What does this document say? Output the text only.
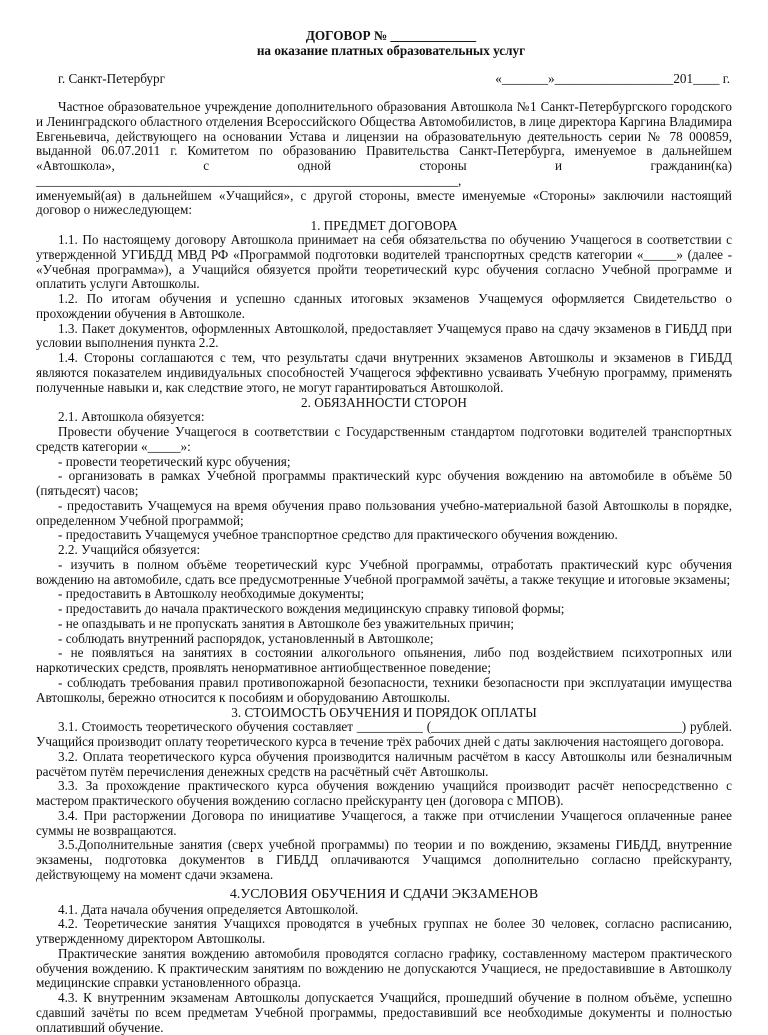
ДОГОВОР № _____________
на оказание платных образовательных услуг
г. Санкт-Петербург	«_______»__________________201____ г.

Частное образовательное учреждение дополнительного образования Автошкола №1 Санкт-Петербургского городского и Ленинградского областного отделения Всероссийского Общества Автомобилистов, в лице директора Каргина Владимира Евгеньевича, действующего на основании Устава и лицензии на образовательную деятельность серии № 78 000859, выданной 06.07.2011 г. Комитетом по образованию Правительства Санкт-Петербурга, именуемое в дальнейшем «Автошкола», с одной стороны и гражданин(ка) ________________________________________________________________,

именуемый(ая) в дальнейшем «Учащийся», с другой стороны, вместе именуемые «Стороны» заключили настоящий договор о нижеследующем:

1. ПРЕДМЕТ ДОГОВОРА

1.1. По настоящему договору Автошкола принимает на себя обязательства по обучению Учащегося в соответствии с утвержденной УГИБДД МВД РФ «Программой подготовки водителей транспортных средств категории «_____» (далее - «Учебная программа»), а Учащийся обязуется пройти теоретический курс обучения согласно Учебной программе и оплатить услуги Автошколы.

1.2. По итогам обучения и успешно сданных итоговых экзаменов Учащемуся оформляется Свидетельство о прохождении обучения в Автошколе.

1.3. Пакет документов, оформленных Автошколой, предоставляет Учащемуся право на сдачу экзаменов в ГИБДД при условии выполнения пункта 2.2.

1.4. Стороны соглашаются с тем, что результаты сдачи внутренних экзаменов Автошколы и экзаменов в ГИБДД являются показателем индивидуальных способностей Учащегося эффективно усваивать Учебную программу, применять полученные навыки и, как следствие этого, не могут гарантироваться Автошколой.

2. ОБЯЗАННОСТИ СТОРОН

2.1. Автошкола обязуется:

Провести обучение Учащегося в соответствии с Государственным стандартом подготовки водителей транспортных средств категории «_____»:

- провести теоретический курс обучения;

- организовать в рамках Учебной программы практический курс обучения вождению на автомобиле в объёме 50 (пятьдесят) часов;

- предоставить Учащемуся на время обучения право пользования учебно-материальной базой Автошколы в порядке, определенном Учебной программой;

- предоставить Учащемуся учебное транспортное средство для практического обучения вождению.

2.2. Учащийся обязуется:

- изучить в полном объёме теоретический курс Учебной программы, отработать практический курс обучения вождению на автомобиле, сдать все предусмотренные Учебной программой зачёты, а также текущие и итоговые экзамены;

- предоставить в Автошколу необходимые документы;

- предоставить до начала практического вождения медицинскую справку типовой формы;

- не опаздывать и не пропускать занятия в Автошколе без уважительных причин;

- соблюдать внутренний распорядок, установленный в Автошколе;

- не появляться на занятиях в состоянии алкогольного опьянения, либо под воздействием психотропных или наркотических средств, проявлять ненормативное антиобщественное поведение;

- соблюдать требования правил противопожарной безопасности, техники безопасности при эксплуатации имущества Автошколы, бережно относится к пособиям и оборудованию Автошколы.

3. СТОИМОСТЬ ОБУЧЕНИЯ И ПОРЯДОК ОПЛАТЫ

3.1. Стоимость теоретического обучения составляет __________ (______________________________________) рублей. Учащийся производит оплату теоретического курса в течение трёх рабочих дней с даты заключения настоящего договора.

3.2. Оплата теоретического курса обучения производится наличным расчётом в кассу Автошколы или безналичным расчётом путём перечисления денежных средств на расчётный счёт Автошколы.

3.3. За прохождение практического курса обучения вождению учащийся производит расчёт непосредственно с мастером практического обучения вождению согласно прейскуранту цен (договора с МПОВ).

3.4. При расторжении Договора по инициативе Учащегося, а также при отчислении Учащегося оплаченные ранее суммы не возвращаются.

3.5.Дополнительные занятия (сверх учебной программы) по теории и по вождению, экзамены ГИБДД, внутренние экзамены, подготовка документов в ГИБДД оплачиваются Учащимся дополнительно согласно прейскуранту, действующему на момент сдачи экзамена.

4.УСЛОВИЯ ОБУЧЕНИЯ И СДАЧИ ЭКЗАМЕНОВ

4.1. Дата начала обучения определяется Автошколой.

4.2. Теоретические занятия Учащихся проводятся в учебных группах не более 30 человек, согласно расписанию, утвержденному директором Автошколы.

Практические занятия вождению автомобиля проводятся согласно графику, составленному мастером практического обучения вождению. К практическим занятиям по вождению не допускаются Учащиеся, не предоставившие в Автошколу медицинские справки установленного образца.

4.3. К внутренним экзаменам Автошколы допускается Учащийся, прошедший обучение в полном объёме, успешно сдавший зачёты по всем предметам Учебной программы, предоставивший все необходимые документы и полностью оплативший обучение.
